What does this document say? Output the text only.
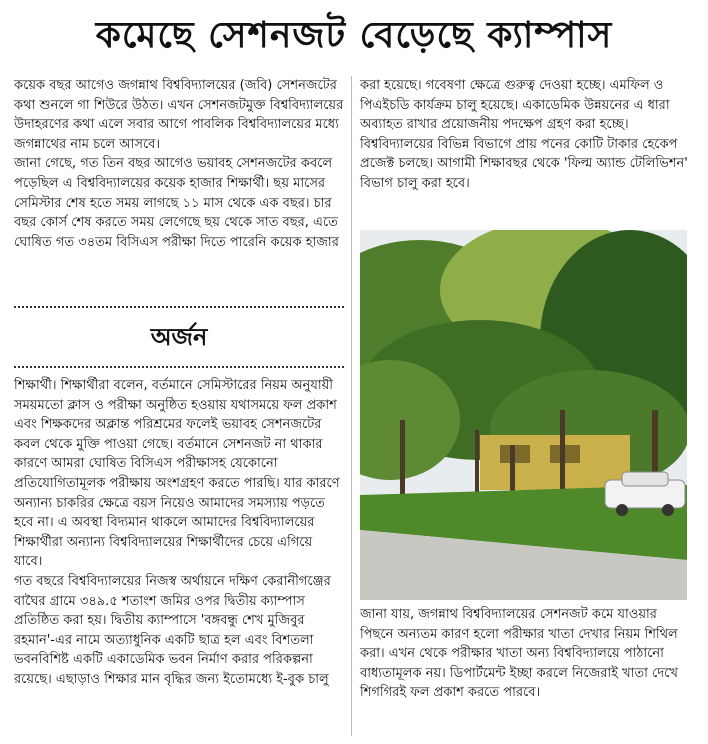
কমেছে সেশনজট বেড়েছে ক্যাম্পাস

কয়েক বছর আগেও জগন্নাথ বিশ্ববিদ্যালয়ের (জবি) সেশনজটের কথা শুনলে গা শিউরে উঠত। এখন সেশনজটমুক্ত বিশ্ববিদ্যালয়ের উদাহরণের কথা এলে সবার আগে পাবলিক বিশ্ববিদ্যালয়ের মধ্যে জগন্নাথের নাম চলে আসবে।

জানা গেছে, গত তিন বছর আগেও ভয়াবহ সেশনজটের কবলে পড়েছিল এ বিশ্ববিদ্যালয়ের কয়েক হাজার শিক্ষার্থী। ছয় মাসের সেমিস্টার শেষ হতে সময় লাগছে ১১ মাস থেকে এক বছর। চার বছর কোর্স শেষ করতে সময় লেগেছে ছয় থেকে সাত বছর, এতে ঘোষিত গত ৩৪তম বিসিএস পরীক্ষা দিতে পারেনি কয়েক হাজার

অর্জন

শিক্ষার্থী। শিক্ষার্থীরা বলেন, বর্তমানে সেমিস্টারের নিয়ম অনুযায়ী সময়মতো ক্লাস ও পরীক্ষা অনুষ্ঠিত হওয়ায় যথাসময়ে ফল প্রকাশ এবং শিক্ষকদের অক্লান্ত পরিশ্রমের ফলেই ভয়াবহ সেশনজটের কবল থেকে মুক্তি পাওয়া গেছে। বর্তমানে সেশনজট না থাকার কারণে আমরা ঘোষিত বিসিএস পরীক্ষাসহ যেকোনো প্রতিযোগিতামূলক পরীক্ষায় অংশগ্রহণ করতে পারছি। যার কারণে অন্যান্য চাকরির ক্ষেত্রে বয়স নিয়েও আমাদের সমস্যায় পড়তে হবে না। এ অবস্থা বিদ্যমান থাকলে আমাদের বিশ্ববিদ্যালয়ের শিক্ষার্থীরা অন্যান্য বিশ্ববিদ্যালয়ের শিক্ষার্থীদের চেয়ে এগিয়ে যাবে।

গত বছরে বিশ্ববিদ্যালয়ের নিজস্ব অর্থায়নে দক্ষিণ কেরানীগঞ্জের বাঘৈর গ্রামে ৩৪৯.৫ শতাংশ জমির ওপর দ্বিতীয় ক্যাম্পাস প্রতিষ্ঠিত করা হয়। দ্বিতীয় ক্যাম্পাসে 'বঙ্গবন্ধু শেখ মুজিবুর রহমান'-এর নামে অত্যাধুনিক একটি ছাত্র হল এবং বিশতলা ভবনবিশিষ্ট একটি একাডেমিক ভবন নির্মাণ করার পরিকল্পনা রয়েছে। এছাড়াও শিক্ষার মান বৃদ্ধির জন্য ইতোমধ্যে ই-বুক চালু

করা হয়েছে। গবেষণা ক্ষেত্রে গুরুত্ব দেওয়া হচ্ছে। এমফিল ও পিএইচডি কার্যক্রম চালু হয়েছে। একাডেমিক উন্নয়নের এ ধারা অব্যাহত রাখার প্রয়োজনীয় পদক্ষেপ গ্রহণ করা হচ্ছে। বিশ্ববিদ্যালয়ের বিভিন্ন বিভাগে প্রায় পনের কোটি টাকার হেকেপ প্রজেক্ট চলছে। আগামী শিক্ষাবছর থেকে 'ফিল্ম অ্যান্ড টেলিভিশন' বিভাগ চালু করা হবে।

জানা যায়, জগন্নাথ বিশ্ববিদ্যালয়ের সেশনজট কমে যাওয়ার পিছনে অন্যতম কারণ হলো পরীক্ষার খাতা দেখার নিয়ম শিথিল করা। এখন থেকে পরীক্ষার খাতা অন্য বিশ্ববিদ্যালয়ে পাঠানো বাধ্যতামূলক নয়। ডিপার্টমেন্ট ইচ্ছা করলে নিজেরাই খাতা দেখে শিগগিরই ফল প্রকাশ করতে পারবে।
